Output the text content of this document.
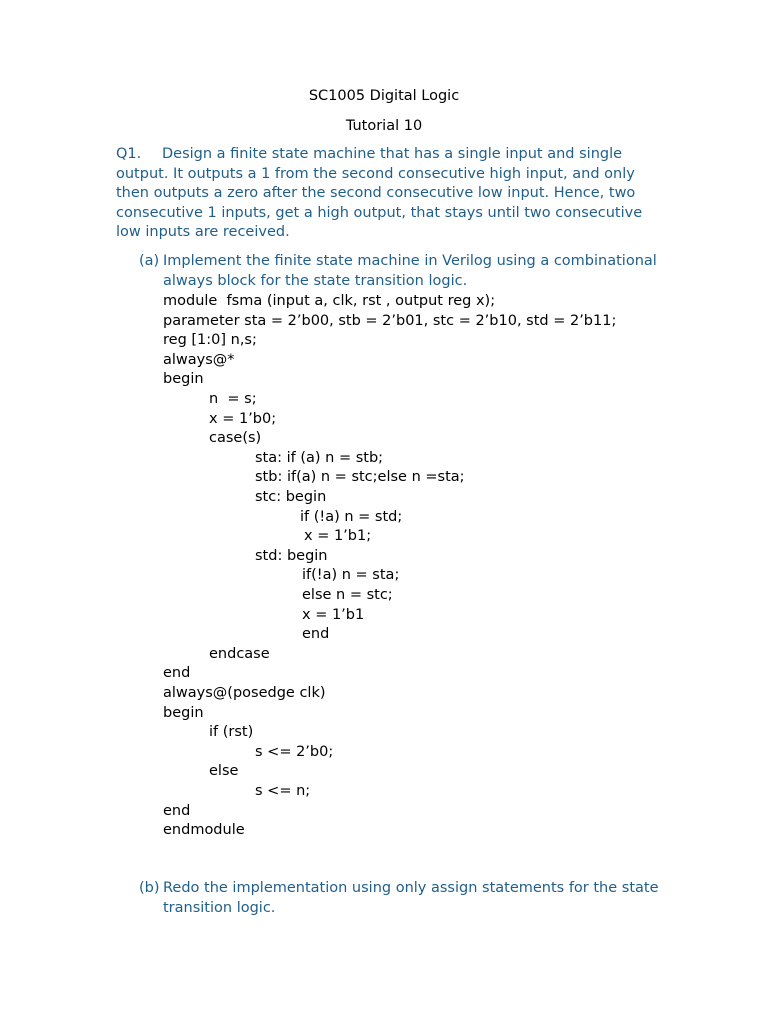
SC1005 Digital Logic
Tutorial 10
Q1.	Design a finite state machine that has a single input and single output. It outputs a 1 from the second consecutive high input, and only then outputs a zero after the second consecutive low input. Hence, two consecutive 1 inputs, get a high output, that stays until two consecutive low inputs are received.
(a) Implement the finite state machine in Verilog using a combinational always block for the state transition logic.
module  fsma (input a, clk, rst , output reg x);
parameter sta = 2’b00, stb = 2’b01, stc = 2’b10, std = 2’b11;
reg [1:0] n,s;
always@*
begin
n  = s;
x = 1’b0;
case(s)
sta: if (a) n = stb;
stb: if(a) n = stc;else n =sta;
stc: begin
if (!a) n = std;
x = 1’b1;
std: begin
if(!a) n = sta;
else n = stc;
x = 1’b1
end
endcase
end
always@(posedge clk)
begin
if (rst)
s <= 2’b0;
else
s <= n;
end
endmodule
(b) Redo the implementation using only assign statements for the state transition logic.
